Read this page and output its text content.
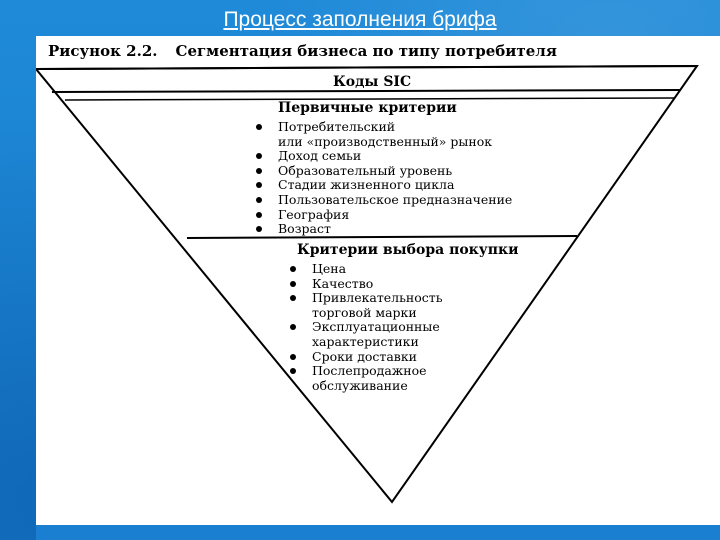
Процесс заполнения брифа
Рисунок 2.2. Сегментация бизнеса по типу потребителя
Коды SIC
Первичные критерии
Потребительский
или «производственный» рынок
Доход семьи
Образовательный уровень
Стадии жизненного цикла
Пользовательское предназначение
География
Возраст
Критерии выбора покупки
Цена
Качество
Привлекательность
торговой марки
Эксплуатационные
характеристики
Сроки доставки
Послепродажное
обслуживание
